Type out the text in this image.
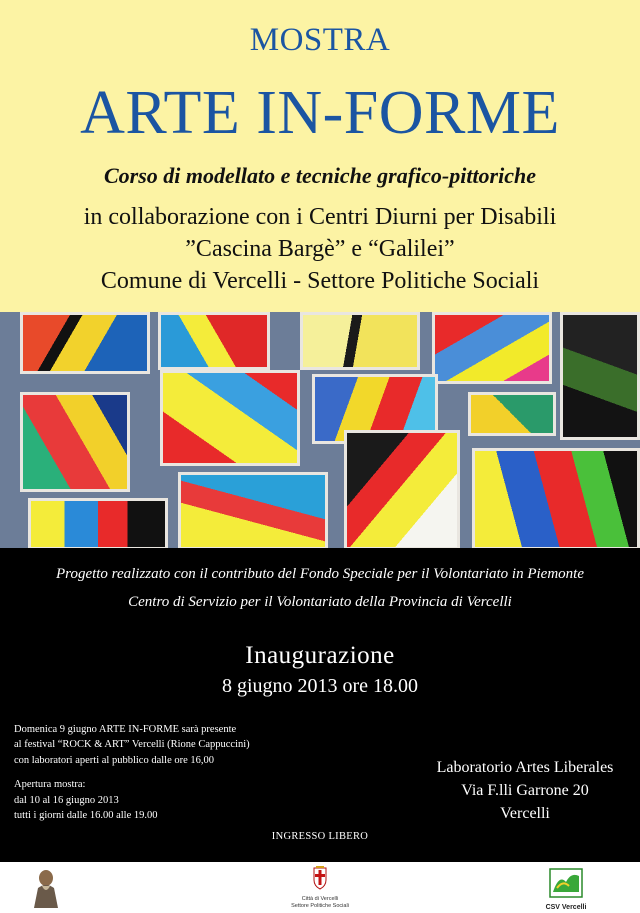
MOSTRA
ARTE IN-FORME
Corso di modellato e tecniche grafico-pittoriche
in collaborazione con i Centri Diurni per Disabili
”Cascina Bargè” e “Galilei”
Comune di Vercelli - Settore Politiche Sociali
Progetto realizzato con il contributo del Fondo Speciale per il Volontariato in Piemonte
Centro di Servizio per il Volontariato della Provincia di Vercelli
Inaugurazione
8 giugno 2013 ore 18.00
Domenica 9 giugno ARTE IN-FORME sarà presente
al festival “ROCK & ART” Vercelli (Rione Cappuccini)
con laboratori aperti al pubblico dalle ore 16,00
Apertura mostra:
dal 10 al 16 giugno 2013
tutti i giorni dalle 16.00 alle 19.00
Laboratorio Artes Liberales
Via F.lli Garrone 20
Vercelli
INGRESSO LIBERO
Città di Vercelli
Settore Politiche Sociali	CSV Vercelli
